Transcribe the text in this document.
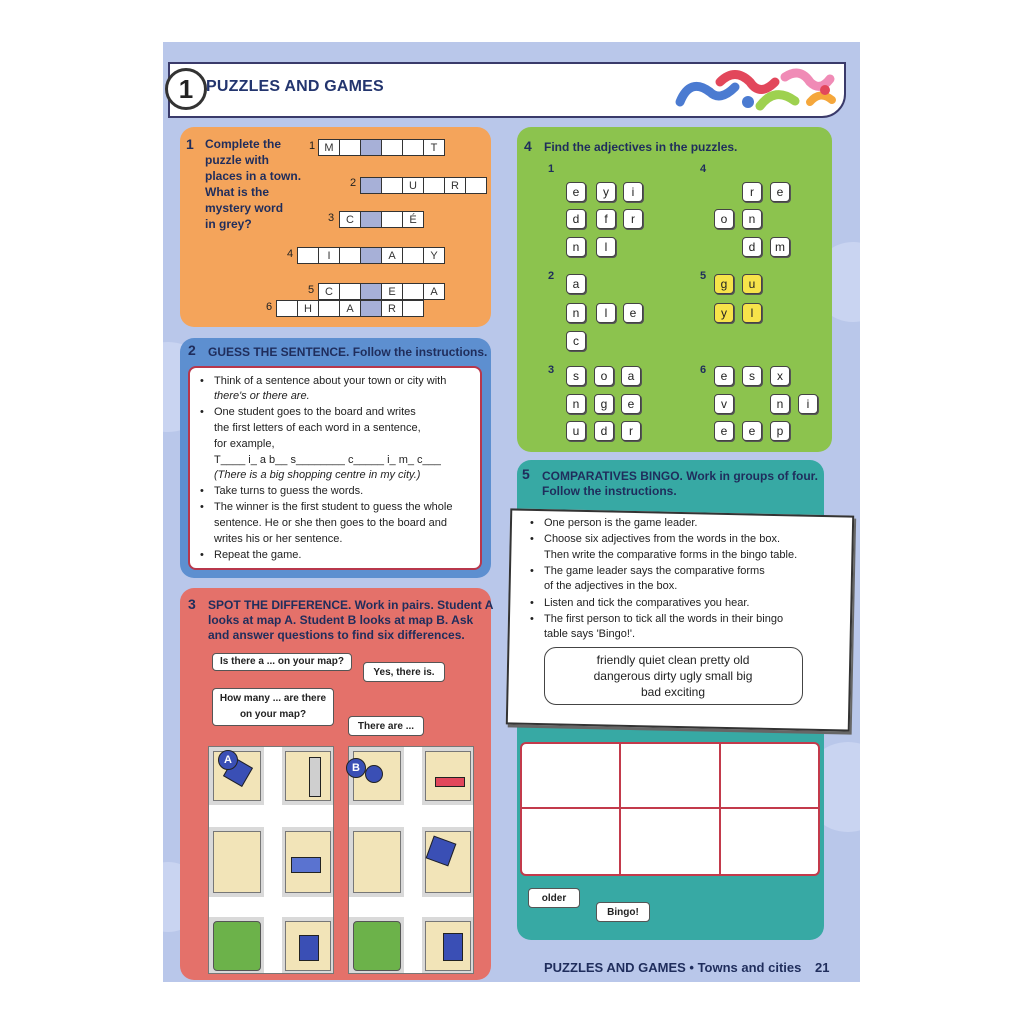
1 PUZZLES AND GAMES
1 Complete the
puzzle with
places in a town.
What is the
mystery word
in grey?
1 M	T
2	U	R
3	C	É
4	I	A	Y
5 C	E	A
6	H	A	R
2 GUESS THE SENTENCE. Follow the instructions.
• Think of a sentence about your town or city with
there's or there are.
• One student goes to the board and writes
the first letters of each word in a sentence,
for example,
T____ i_ a b__ s________ c_____ i_ m_ c___
(There is a big shopping centre in my city.)
• Take turns to guess the words.
• The winner is the first student to guess the whole
sentence. He or she then goes to the board and
writes his or her sentence.
• Repeat the game.
3 SPOT THE DIFFERENCE. Work in pairs. Student A
looks at map A. Student B looks at map B. Ask
and answer questions to find six differences.
Is there a ... on your map?
Yes, there is.
How many ... are there
on your map?
There are ...
A
B
4 Find the adjectives in the puzzles.
1
2
3
4
5
6
e	y	i
d	f	r
n	l
a
n	l	e
c
s	o	a
n	g	e
u	d	r
r	e
o	n
d	m
g	u
y	l
e	s	x
v	n	i
e	e	p
5 COMPARATIVES BINGO. Work in groups of four.
Follow the instructions.
• One person is the game leader.
• Choose six adjectives from the words in the box.
Then write the comparative forms in the bingo table.
• The game leader says the comparative forms
of the adjectives in the box.
• Listen and tick the comparatives you hear.
• The first person to tick all the words in their bingo
table says 'Bingo!'.
friendly quiet clean pretty old
dangerous dirty ugly small big
bad exciting
older
Bingo!
PUZZLES AND GAMES • Towns and cities 21
